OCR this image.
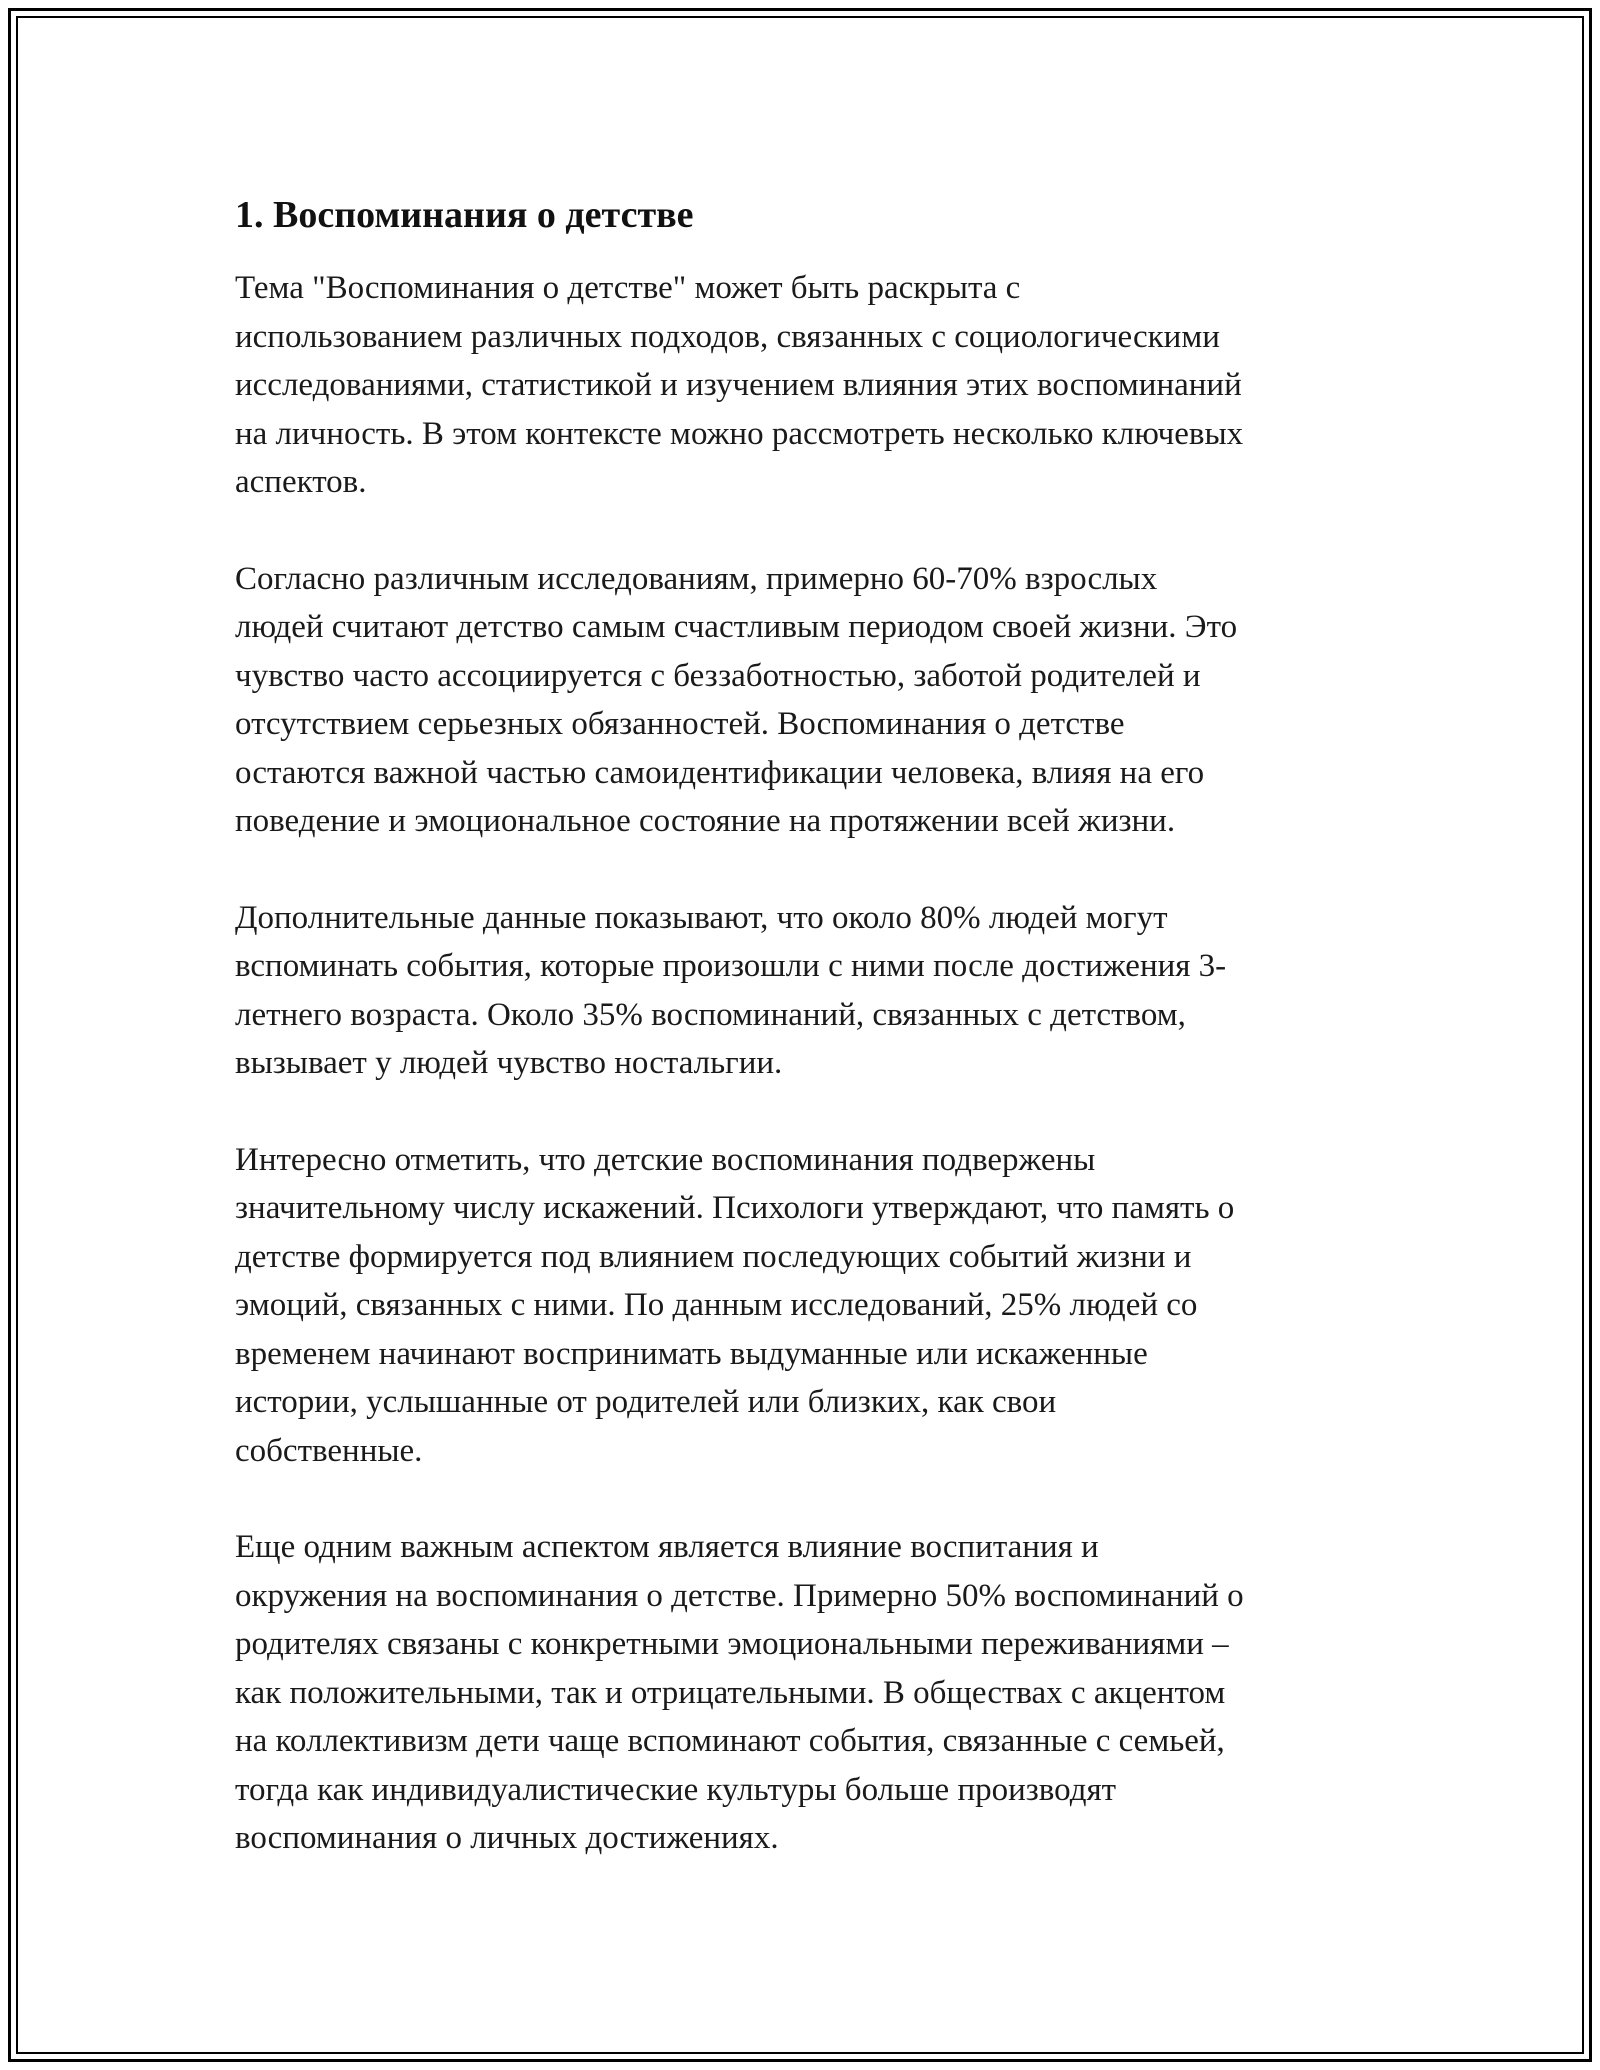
1. Воспоминания о детстве

Тема "Воспоминания о детстве" может быть раскрыта с
использованием различных подходов, связанных с социологическими
исследованиями, статистикой и изучением влияния этих воспоминаний
на личность. В этом контексте можно рассмотреть несколько ключевых
аспектов.

Согласно различным исследованиям, примерно 60-70% взрослых
людей считают детство самым счастливым периодом своей жизни. Это
чувство часто ассоциируется с беззаботностью, заботой родителей и
отсутствием серьезных обязанностей. Воспоминания о детстве
остаются важной частью самоидентификации человека, влияя на его
поведение и эмоциональное состояние на протяжении всей жизни.

Дополнительные данные показывают, что около 80% людей могут
вспоминать события, которые произошли с ними после достижения 3-
летнего возраста. Около 35% воспоминаний, связанных с детством,
вызывает у людей чувство ностальгии.

Интересно отметить, что детские воспоминания подвержены
значительному числу искажений. Психологи утверждают, что память о
детстве формируется под влиянием последующих событий жизни и
эмоций, связанных с ними. По данным исследований, 25% людей со
временем начинают воспринимать выдуманные или искаженные
истории, услышанные от родителей или близких, как свои
собственные.

Еще одним важным аспектом является влияние воспитания и
окружения на воспоминания о детстве. Примерно 50% воспоминаний о
родителях связаны с конкретными эмоциональными переживаниями –
как положительными, так и отрицательными. В обществах с акцентом
на коллективизм дети чаще вспоминают события, связанные с семьей,
тогда как индивидуалистические культуры больше производят
воспоминания о личных достижениях.
